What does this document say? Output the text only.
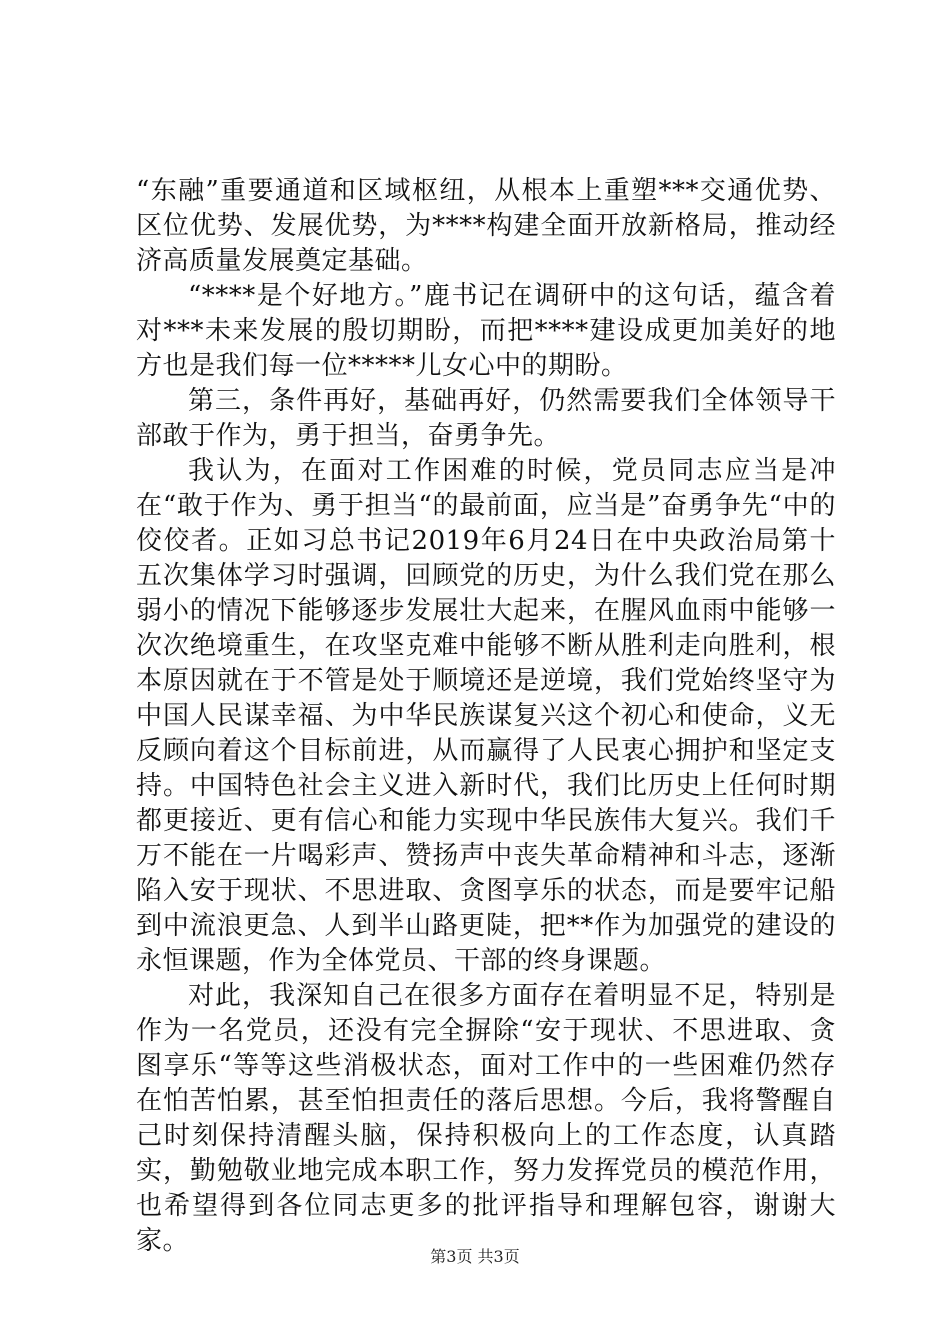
“东融”重要通道和区域枢纽，从根本上重塑***交通优势、区位优势、发展优势，为****构建全面开放新格局，推动经济高质量发展奠定基础。

“****是个好地方。”鹿书记在调研中的这句话，蕴含着对***未来发展的殷切期盼，而把****建设成更加美好的地方也是我们每一位*****儿女心中的期盼。

第三，条件再好，基础再好，仍然需要我们全体领导干部敢于作为，勇于担当，奋勇争先。

我认为，在面对工作困难的时候，党员同志应当是冲在“敢于作为、勇于担当“的最前面，应当是”奋勇争先“中的佼佼者。正如习总书记2019年6月24日在中央政治局第十五次集体学习时强调，回顾党的历史，为什么我们党在那么弱小的情况下能够逐步发展壮大起来，在腥风血雨中能够一次次绝境重生，在攻坚克难中能够不断从胜利走向胜利，根本原因就在于不管是处于顺境还是逆境，我们党始终坚守为中国人民谋幸福、为中华民族谋复兴这个初心和使命，义无反顾向着这个目标前进，从而赢得了人民衷心拥护和坚定支持。中国特色社会主义进入新时代，我们比历史上任何时期都更接近、更有信心和能力实现中华民族伟大复兴。我们千万不能在一片喝彩声、赞扬声中丧失革命精神和斗志，逐渐陷入安于现状、不思进取、贪图享乐的状态，而是要牢记船到中流浪更急、人到半山路更陡，把**作为加强党的建设的永恒课题，作为全体党员、干部的终身课题。

对此，我深知自己在很多方面存在着明显不足，特别是作为一名党员，还没有完全摒除“安于现状、不思进取、贪图享乐“等等这些消极状态，面对工作中的一些困难仍然存在怕苦怕累，甚至怕担责任的落后思想。今后，我将警醒自己时刻保持清醒头脑，保持积极向上的工作态度，认真踏实，勤勉敬业地完成本职工作，努力发挥党员的模范作用，也希望得到各位同志更多的批评指导和理解包容，谢谢大家。

第3页 共3页
